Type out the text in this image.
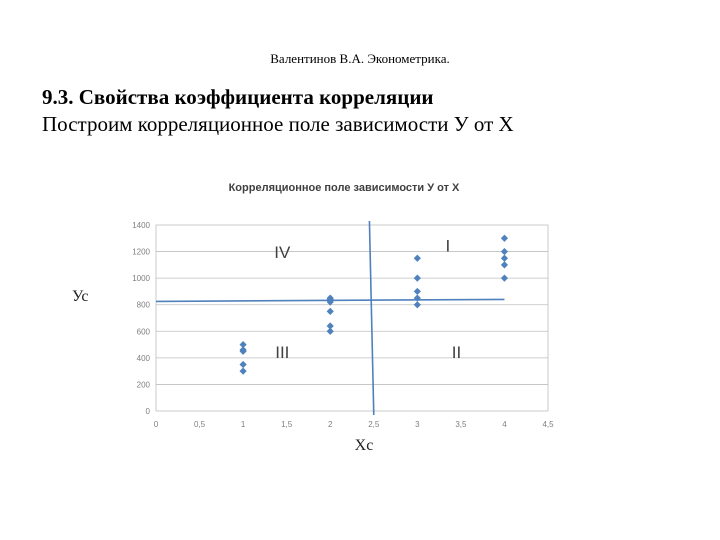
Валентинов В.А. Эконометрика.
9.3. Свойства коэффициента корреляции
Построим корреляционное поле зависимости У от Х
Корреляционное поле зависимости У от Х
0
200
400
600
800
1000
1200
1400
0	0,5	1	1,5	2	2,5	3	3,5	4	4,5
I
II
III
IV
Ус
Хс
